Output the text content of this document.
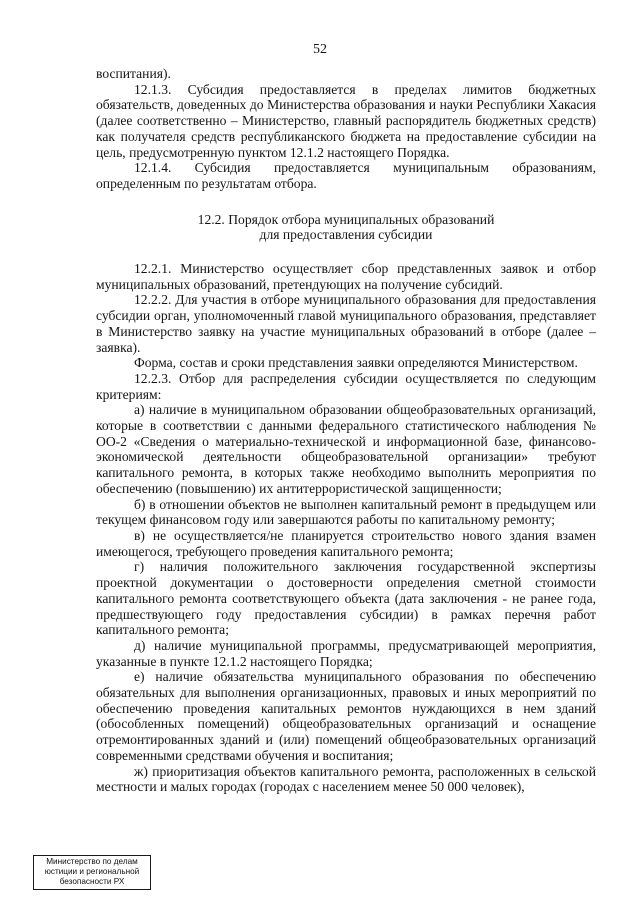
52

воспитания).

12.1.3. Субсидия предоставляется в пределах лимитов бюджетных обязательств, доведенных до Министерства образования и науки Республики Хакасия (далее соответственно – Министерство, главный распорядитель бюджетных средств) как получателя средств республиканского бюджета на предоставление субсидии на цель, предусмотренную пунктом 12.1.2 настоящего Порядка.

12.1.4. Субсидия предоставляется муниципальным образованиям, определенным по результатам отбора.

12.2. Порядок отбора муниципальных образований
для предоставления субсидии

12.2.1. Министерство осуществляет сбор представленных заявок и отбор муниципальных образований, претендующих на получение субсидий.

12.2.2. Для участия в отборе муниципального образования для предоставления субсидии орган, уполномоченный главой муниципального образования, представляет в Министерство заявку на участие муниципальных образований в отборе (далее – заявка).

Форма, состав и сроки представления заявки определяются Министерством.

12.2.3. Отбор для распределения субсидии осуществляется по следующим критериям:

а) наличие в муниципальном образовании общеобразовательных организаций, которые в соответствии с данными федерального статистического наблюдения № ОО-2 «Сведения о материально-технической и информационной базе, финансово-экономической деятельности общеобразовательной организации» требуют капитального ремонта, в которых также необходимо выполнить мероприятия по обеспечению (повышению) их антитеррористической защищенности;

б) в отношении объектов не выполнен капитальный ремонт в предыдущем или текущем финансовом году или завершаются работы по капитальному ремонту;

в) не осуществляется/не планируется строительство нового здания взамен имеющегося, требующего проведения капитального ремонта;

г) наличия положительного заключения государственной экспертизы проектной документации о достоверности определения сметной стоимости капитального ремонта соответствующего объекта (дата заключения - не ранее года, предшествующего году предоставления субсидии) в рамках перечня работ капитального ремонта;

д) наличие муниципальной программы, предусматривающей мероприятия, указанные в пункте 12.1.2 настоящего Порядка;

е) наличие обязательства муниципального образования по обеспечению обязательных для выполнения организационных, правовых и иных мероприятий по обеспечению проведения капитальных ремонтов нуждающихся в нем зданий (обособленных помещений) общеобразовательных организаций и оснащение отремонтированных зданий и (или) помещений общеобразовательных организаций современными средствами обучения и воспитания;

ж) приоритизация объектов капитального ремонта, расположенных в сельской местности и малых городах (городах с населением менее 50 000 человек),

Министерство по делам
юстиции и региональной
безопасности РХ
